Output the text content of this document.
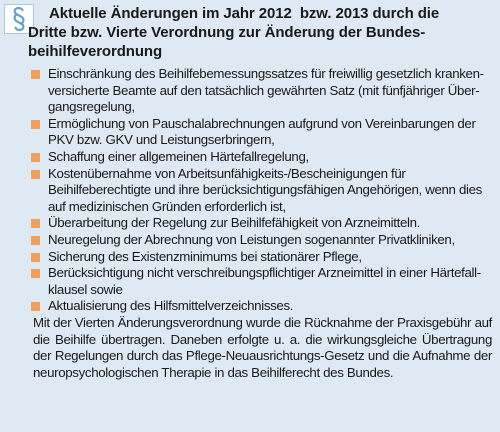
Aktuelle Änderungen im Jahr 2012  bzw. 2013 durch die
Dritte bzw. Vierte Verordnung zur Änderung der Bundes-
beihilfeverordnung
Einschränkung des Beihilfebemessungssatzes für freiwillig gesetzlich krankenversicherte Beamte auf den tatsächlich gewährten Satz (mit fünfjähriger Übergangsregelung,
Ermöglichung von Pauschalabrechnungen aufgrund von Vereinbarungen der PKV bzw. GKV und Leistungserbringern,
Schaffung einer allgemeinen Härtefallregelung,
Kostenübernahme von Arbeitsunfähigkeits-/Bescheinigungen für Beihilfeberechtigte und ihre berücksichtigungsfähigen Angehörigen, wenn dies auf medizinischen Gründen erforderlich ist,
Überarbeitung der Regelung zur Beihilfefähigkeit von Arzneimitteln.
Neuregelung der Abrechnung von Leistungen sogenannter Privatkliniken,
Sicherung des Existenzminimums bei stationärer Pflege,
Berücksichtigung nicht verschreibungspflichtiger Arzneimittel in einer Härtefallklausel sowie
Aktualisierung des Hilfsmittelverzeichnisses.

Mit der Vierten Änderungsverordnung wurde die Rücknahme der Praxisgebühr auf die Beihilfe übertragen. Daneben erfolgte u. a. die wirkungsgleiche Übertragung der Regelungen durch das Pflege-Neuausrichtungs-Gesetz und die Aufnahme der neuropsychologischen Therapie in das Beihilferecht des Bundes.
